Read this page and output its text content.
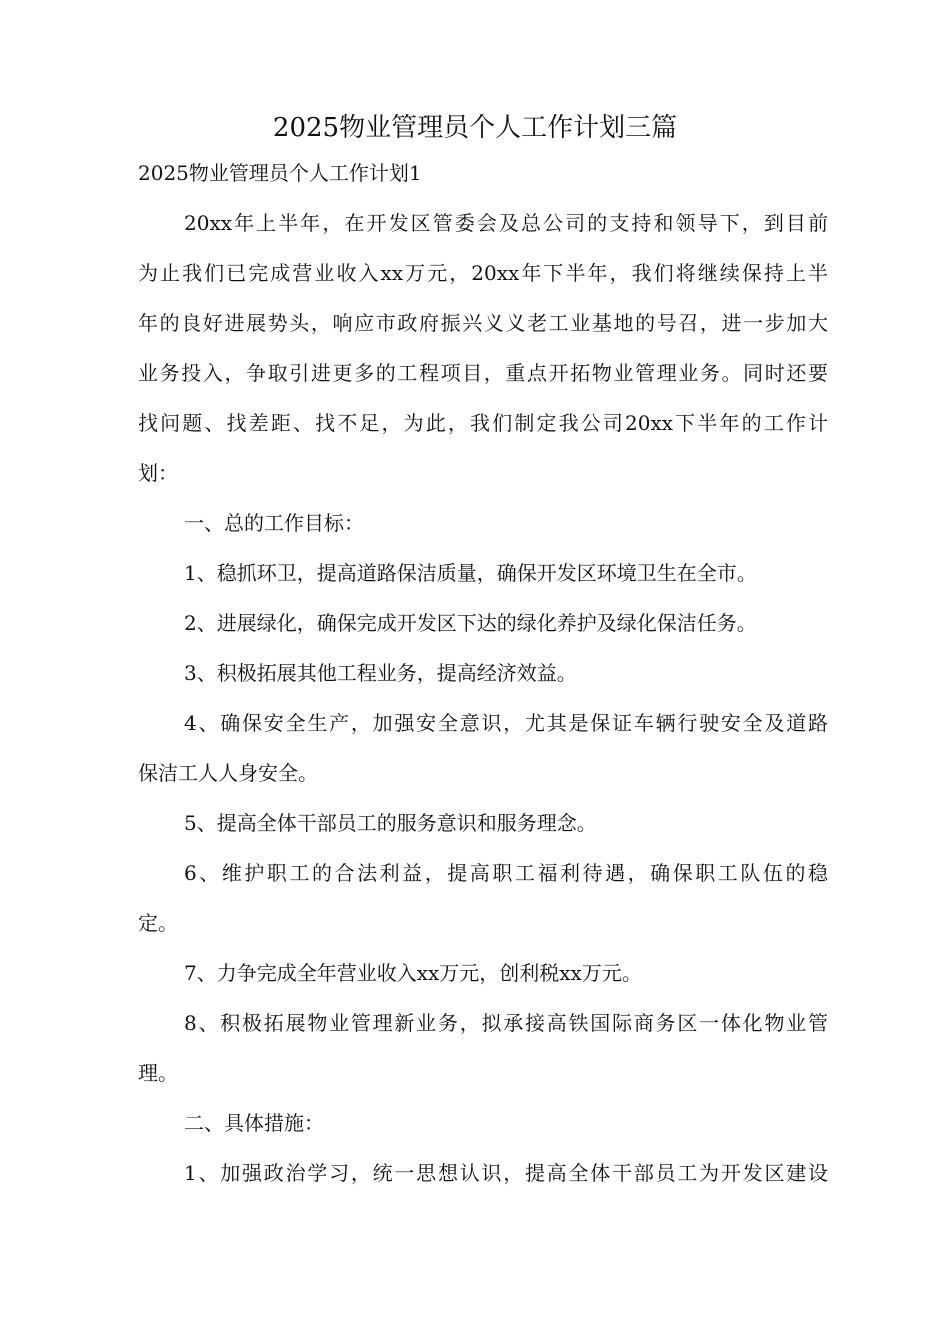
2025物业管理员个人工作计划三篇

2025物业管理员个人工作计划1

20xx年上半年，在开发区管委会及总公司的支持和领导下，到目前
为止我们已完成营业收入xx万元，20xx年下半年，我们将继续保持上半
年的良好进展势头，响应市政府振兴义义老工业基地的号召，进一步加大
业务投入，争取引进更多的工程项目，重点开拓物业管理业务。同时还要
找问题、找差距、找不足，为此，我们制定我公司20xx下半年的工作计
划：

一、总的工作目标：

1、稳抓环卫，提高道路保洁质量，确保开发区环境卫生在全市。

2、进展绿化，确保完成开发区下达的绿化养护及绿化保洁任务。

3、积极拓展其他工程业务，提高经济效益。

4、确保安全生产，加强安全意识，尤其是保证车辆行驶安全及道路
保洁工人人身安全。

5、提高全体干部员工的服务意识和服务理念。

6、维护职工的合法利益，提高职工福利待遇，确保职工队伍的稳
定。

7、力争完成全年营业收入xx万元，创利税xx万元。

8、积极拓展物业管理新业务，拟承接高铁国际商务区一体化物业管
理。

二、具体措施：

1、加强政治学习，统一思想认识，提高全体干部员工为开发区建设
